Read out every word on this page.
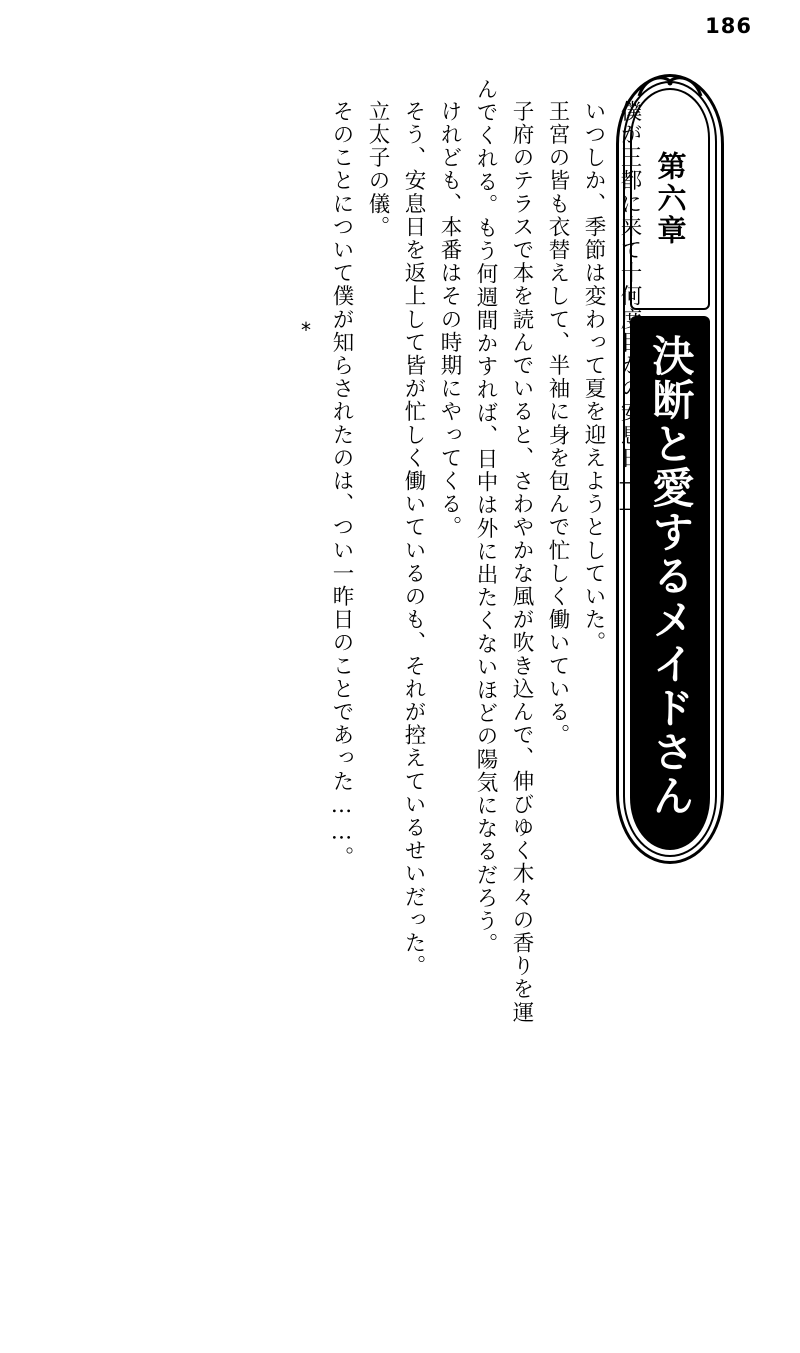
186
第六章
決断と愛するメイドさん
僕が王都に来て十何度目かの安息日——。
いつしか、季節は変わって夏を迎えようとしていた。
王宮の皆も衣替えして、半袖に身を包んで忙しく働いている。
子府のテラスで本を読んでいると、さわやかな風が吹き込んで、伸びゆく木々の香りを運
んでくれる。もう何週間かすれば、日中は外に出たくないほどの陽気になるだろう。
けれども、本番はその時期にやってくる。
そう、安息日を返上して皆が忙しく働いているのも、それが控えているせいだった。
立太子の儀。
そのことについて僕が知らされたのは、つい一昨日のことであった……。
*
